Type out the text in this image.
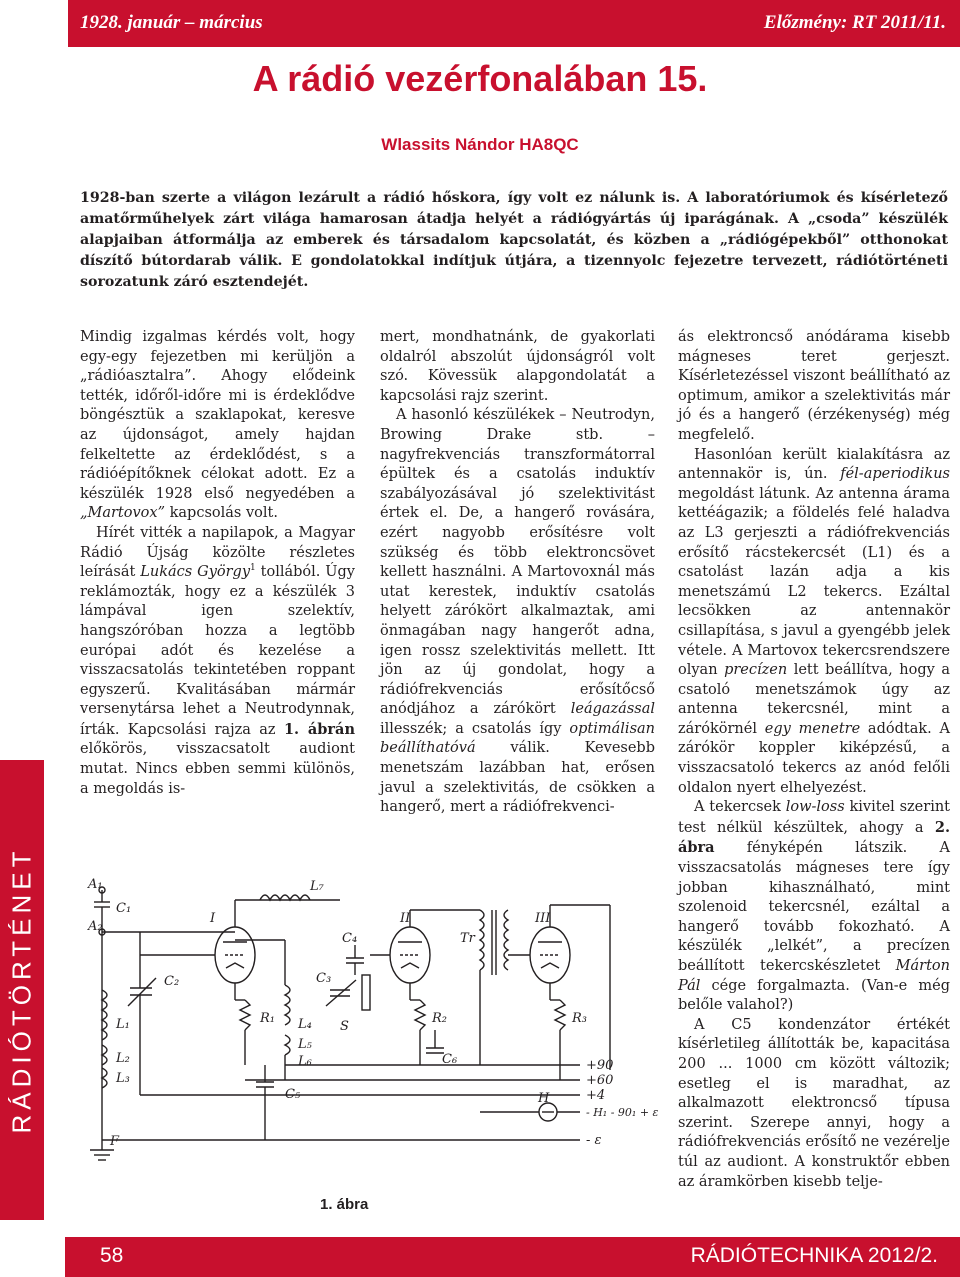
1928. január – március	Előzmény: RT 2011/11.
A rádió vezérfonalában 15.
Wlassits Nándor HA8QC

1928-ban szerte a világon lezárult a rádió hőskora, így volt ez nálunk is. A laboratóriumok és kísérletező amatőrműhelyek zárt világa hamarosan átadja helyét a rádiógyártás új iparágának. A „csoda” készülék alapjaiban átformálja az emberek és társadalom kapcsolatát, és közben a „rádiógépekből” otthonokat díszítő bútordarab válik. E gondolatokkal indítjuk útjára, a tizennyolc fejezetre tervezett, rádiótörténeti sorozatunk záró esztendejét.

RÁDIÓTÖRTÉNET

Mindig izgalmas kérdés volt, hogy egy-egy fejezetben mi kerüljön a „rádióasztalra”. Ahogy elődeink tették, időről-időre mi is érdeklődve böngésztük a szaklapokat, keresve az újdonságot, amely hajdan felkeltette az érdeklődést, s a rádióépítőknek célokat adott. Ez a készülék 1928 első negyedében a „Martovox” kapcsolás volt.

Hírét vitték a napilapok, a Magyar Rádió Újság közölte részletes leírását Lukács György$^1$ tollából. Úgy reklámozták, hogy ez a készülék 3 lámpával igen szelektív, hangszóróban hozza a legtöbb európai adót és kezelése a visszacsatolás tekintetében roppant egyszerű. Kvalitásában mármár versenytársa lehet a Neutrodynnak, írták. Kapcsolási rajza az 1. ábrán előkörös, visszacsatolt audiont mutat. Nincs ebben semmi különös, a megoldás is-

mert, mondhatnánk, de gyakorlati oldalról abszolút újdonságról volt szó. Kövessük alapgondolatát a kapcsolási rajz szerint.

A hasonló készülékek – Neutrodyn, Browing Drake stb. – nagyfrekvenciás transzformátorral épültek és a csatolás induktív szabályozásával jó szelektivitást értek el. De, a hangerő rovására, ezért nagyobb erősítésre volt szükség és több elektroncsövet kellett használni. A Martovoxnál más utat kerestek, induktív csatolás helyett zárókört alkalmaztak, ami önmagában nagy hangerőt adna, igen rossz szelektivitás mellett. Itt jön az új gondolat, hogy a rádiófrekvenciás erősítőcső anódjához a zárókört leágazással illesszék; a csatolás így optimálisan beállíthatóvá válik. Kevesebb menetszám lazábban hat, erősen javul a szelektivitás, de csökken a hangerő, mert a rádiófrekvenci-

ás elektroncső anódárama kisebb mágneses teret gerjeszt. Kísérletezéssel viszont beállítható az optimum, amikor a szelektivitás már jó és a hangerő (érzékenység) még megfelelő.

Hasonlóan került kialakításra az antennakör is, ún. fél-aperiodikus megoldást látunk. Az antenna árama kettéágazik; a földelés felé haladva az L3 gerjeszti a rádiófrekvenciás erősítő rácstekercsét (L1) és a csatolást lazán adja a kis menetszámú L2 tekercs. Ezáltal lecsökken az antennakör csillapítása, s javul a gyengébb jelek vétele. A Martovox tekercsrendszere olyan precízen lett beállítva, hogy a csatoló menetszámok úgy az antenna tekercsnél, mint a zárókörnél egy menetre adódtak. A zárókör koppler kiképzésű, a visszacsatoló tekercs az anód felőli oldalon nyert elhelyezést.

A tekercsek low-loss kivitel szerint test nélkül készültek, ahogy a 2. ábra fényképén látszik. A visszacsatolás mágneses tere így jobban kihasználható, mint szolenoid tekercsnél, ezáltal a hangerő tovább fokozható. A készülék „lelkét”, a precízen beállított tekercskészletet Márton Pál cége forgalmazta. (Van-e még belőle valahol?)

A C5 kondenzátor értékét kísérletileg állították be, kapacitása 200 ... 1000 cm között változik; esetleg el is maradhat, az alkalmazott elektroncső típusa szerint. Szerepe annyi, hogy a rádiófrekvenciás erősítő ne vezérelje túl az audiont. A konstruktőr ebben az áramkörben kisebb telje-

A₁
A₂
C₁
C₂
L₁
L₂
L₃
F
I
R₁
L₇
C₄
C₃
S
L₄
L₅
L₆
C₅
II
R₂
C₆
Tr
III
R₃
H
+90
+60
+4
- H₁ - 90₁ + ε
- ε
1. ábra
58	RÁDIÓTECHNIKA 2012/2.
